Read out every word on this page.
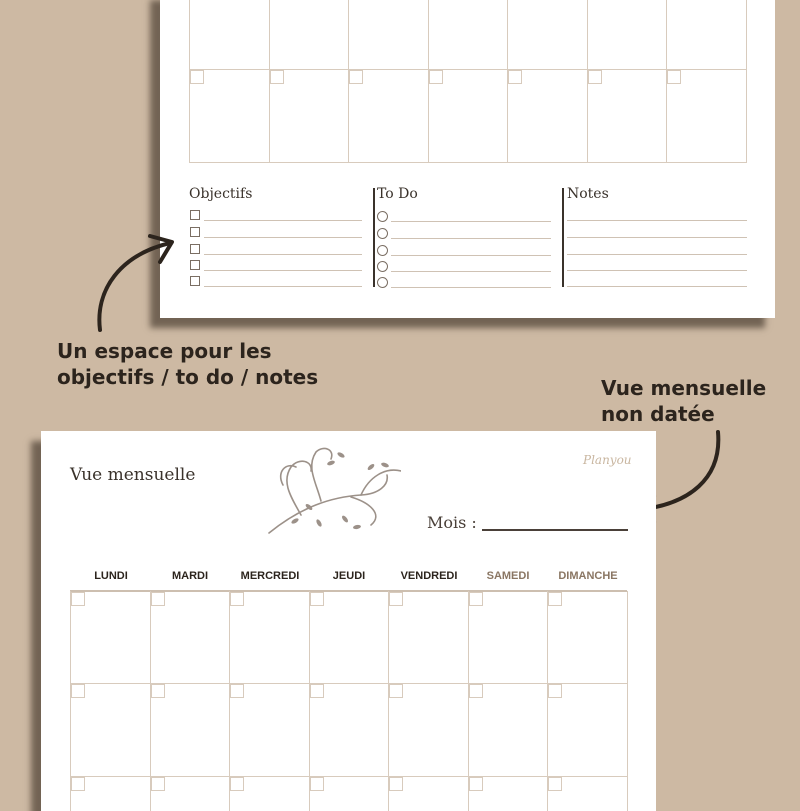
Objectifs	To Do	Notes
Un espace pour les
objectifs / to do / notes	Vue mensuelle
non datée
Vue mensuelle
Planyou
Mois :
LUNDI	MARDI	MERCREDI	JEUDI	VENDREDI	SAMEDI	DIMANCHE
